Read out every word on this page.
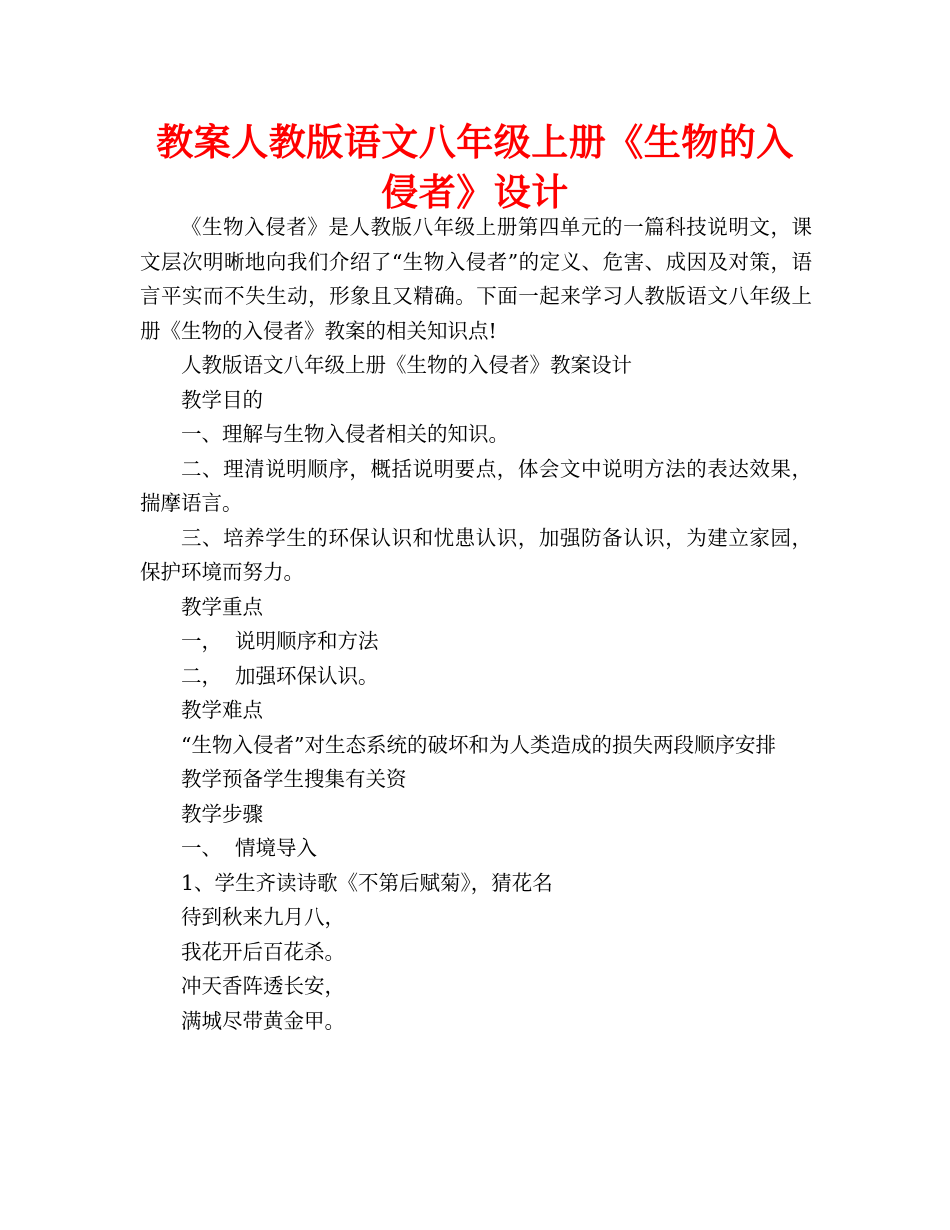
教案人教版语文八年级上册《生物的入侵者》设计

《生物入侵者》是人教版八年级上册第四单元的一篇科技说明文，课文层次明晰地向我们介绍了“生物入侵者”的定义、危害、成因及对策，语言平实而不失生动，形象且又精确。下面一起来学习人教版语文八年级上册《生物的入侵者》教案的相关知识点!

人教版语文八年级上册《生物的入侵者》教案设计

教学目的

一、理解与生物入侵者相关的知识。

二、理清说明顺序，概括说明要点，体会文中说明方法的表达效果，揣摩语言。

三、培养学生的环保认识和忧患认识，加强防备认识，为建立家园，保护环境而努力。

教学重点

一，  说明顺序和方法

二，  加强环保认识。

教学难点

“生物入侵者”对生态系统的破坏和为人类造成的损失两段顺序安排

教学预备学生搜集有关资

教学步骤

一、  情境导入

1、学生齐读诗歌《不第后赋菊》，猜花名

待到秋来九月八，

我花开后百花杀。

冲天香阵透长安，

满城尽带黄金甲。
